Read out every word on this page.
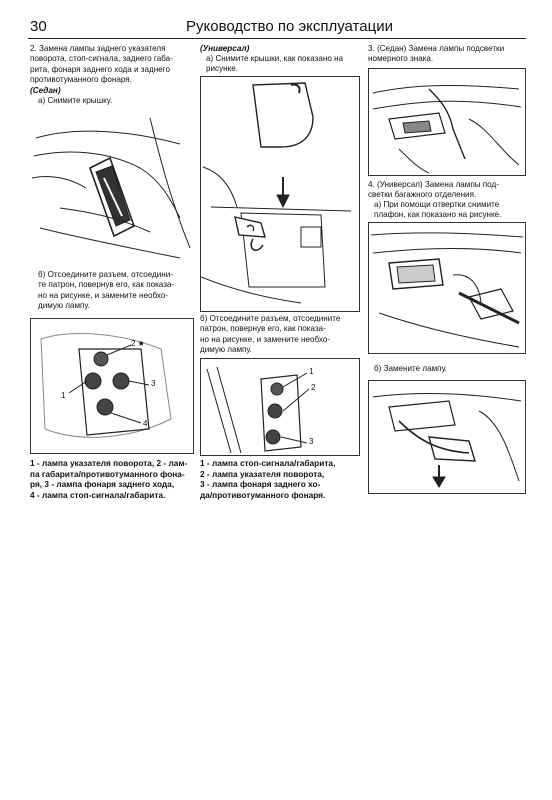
30	Руководство по эксплуатации
2. Замена лампы заднего указателя
поворота, стоп-сигнала, заднего габа-
рита, фонаря заднего хода и заднего
противотуманного фонаря.
(Седан)
а) Снимите крышку.
б) Отсоедините разъем, отсоедини-
те патрон, повернув его, как показа-
но на рисунке, и замените необхо-
димую лампу.
2 ★
1
3
4
1 - лампа указателя поворота, 2 - лам-
па габарита/противотуманного фона-
ря, 3 - лампа фонаря заднего хода,
4 - лампа стоп-сигнала/габарита.
(Универсал)
а) Снимите крышки, как показано на
рисунке.
б) Отсоедините разъем, отсоедините
патрон, повернув его, как показа-
но на рисунке, и замените необхо-
димую лампу.
1
2
3
1 - лампа стоп-сигнала/габарита,
2 - лампа указателя поворота,
3 - лампа фонаря заднего хо-
да/противотуманного фонаря.
3. (Седан) Замена лампы подсветки
номерного знака.
4. (Универсал) Замена лампы под-
светки багажного отделения.
а) При помощи отвертки снимите
плафон, как показано на рисунке.
б) Замените лампу.
